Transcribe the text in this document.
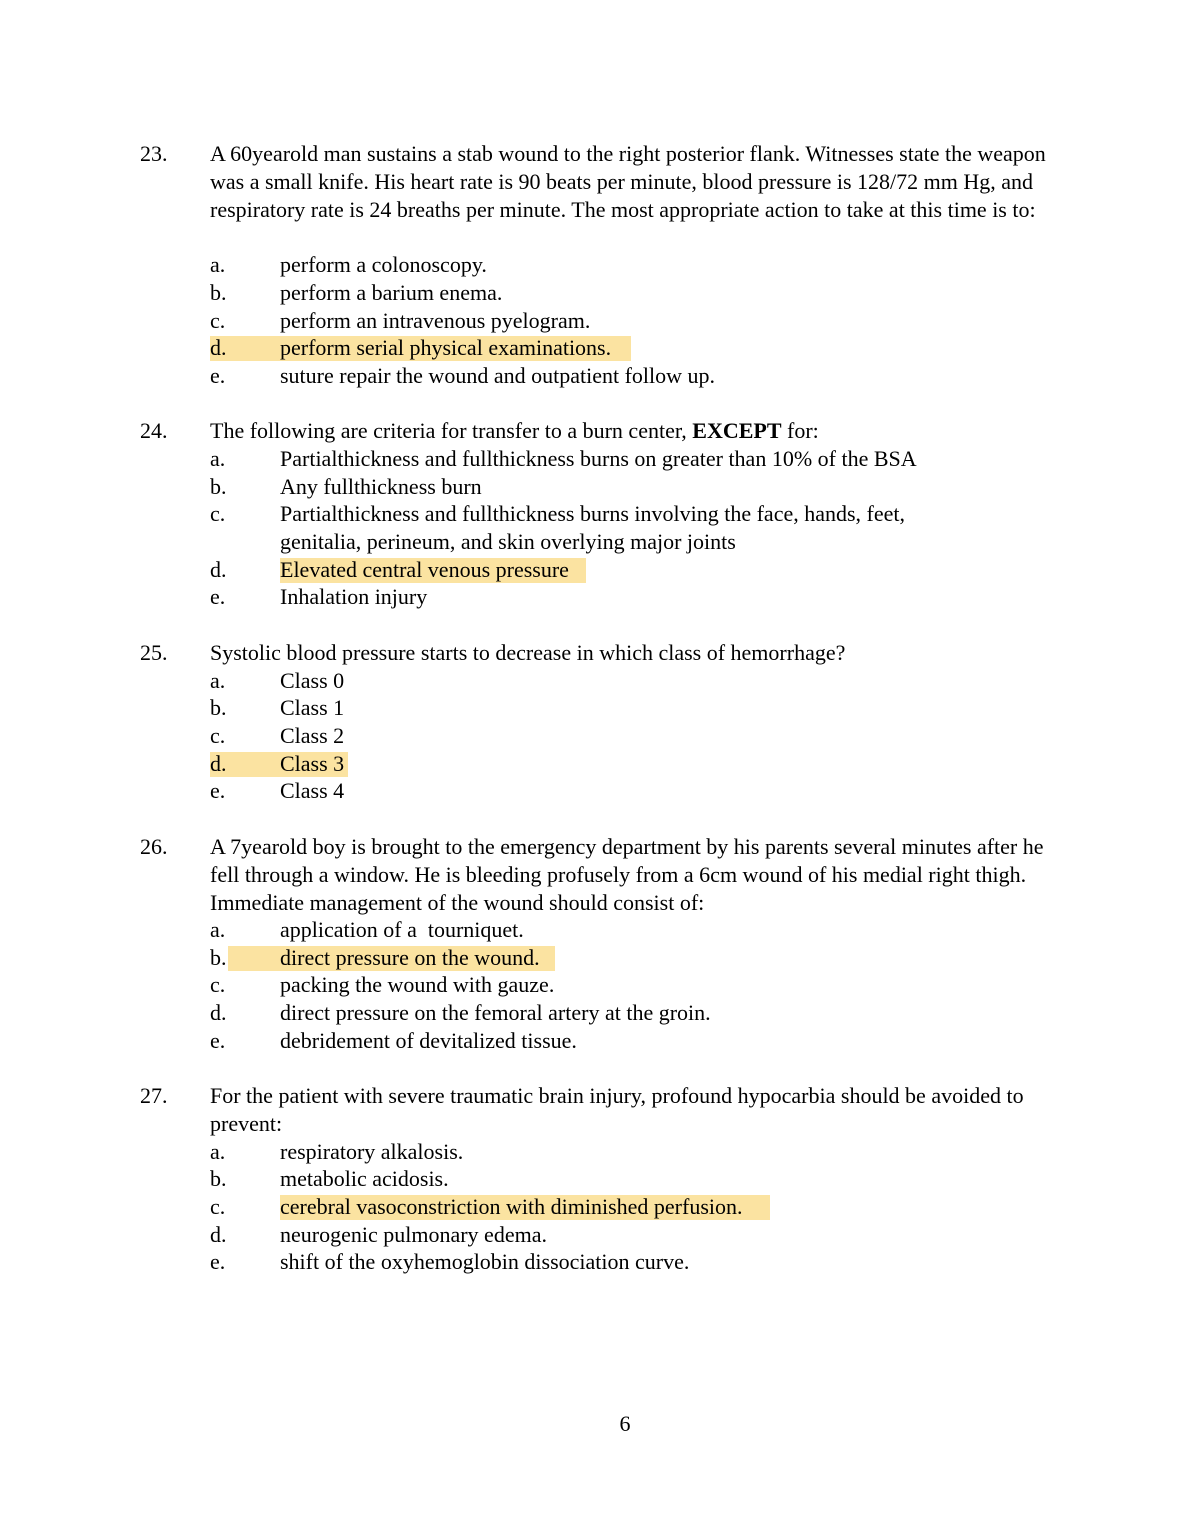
23. A 60yearold man sustains a stab wound to the right posterior flank. Witnesses state the weapon was a small knife. His heart rate is 90 beats per minute, blood pressure is 128/72 mm Hg, and respiratory rate is 24 breaths per minute. The most appropriate action to take at this time is to:

a. perform a colonoscopy.
b. perform a barium enema.
c. perform an intravenous pyelogram.
d. perform serial physical examinations.
e. suture repair the wound and outpatient follow up.
24. The following are criteria for transfer to a burn center, EXCEPT for:

a. Partialthickness and fullthickness burns on greater than 10% of the BSA
b. Any fullthickness burn
c. Partialthickness and fullthickness burns involving the face, hands, feet, genitalia, perineum, and skin overlying major joints
d. Elevated central venous pressure
e. Inhalation injury
25. Systolic blood pressure starts to decrease in which class of hemorrhage?

a. Class 0
b. Class 1
c. Class 2
d. Class 3
e. Class 4
26. A 7yearold boy is brought to the emergency department by his parents several minutes after he fell through a window. He is bleeding profusely from a 6cm wound of his medial right thigh. Immediate management of the wound should consist of:

a. application of a  tourniquet.
b. direct pressure on the wound.
c. packing the wound with gauze.
d. direct pressure on the femoral artery at the groin.
e. debridement of devitalized tissue.
27. For the patient with severe traumatic brain injury, profound hypocarbia should be avoided to prevent:

a. respiratory alkalosis.
b. metabolic acidosis.
c. cerebral vasoconstriction with diminished perfusion.
d. neurogenic pulmonary edema.
e. shift of the oxyhemoglobin dissociation curve.
6
